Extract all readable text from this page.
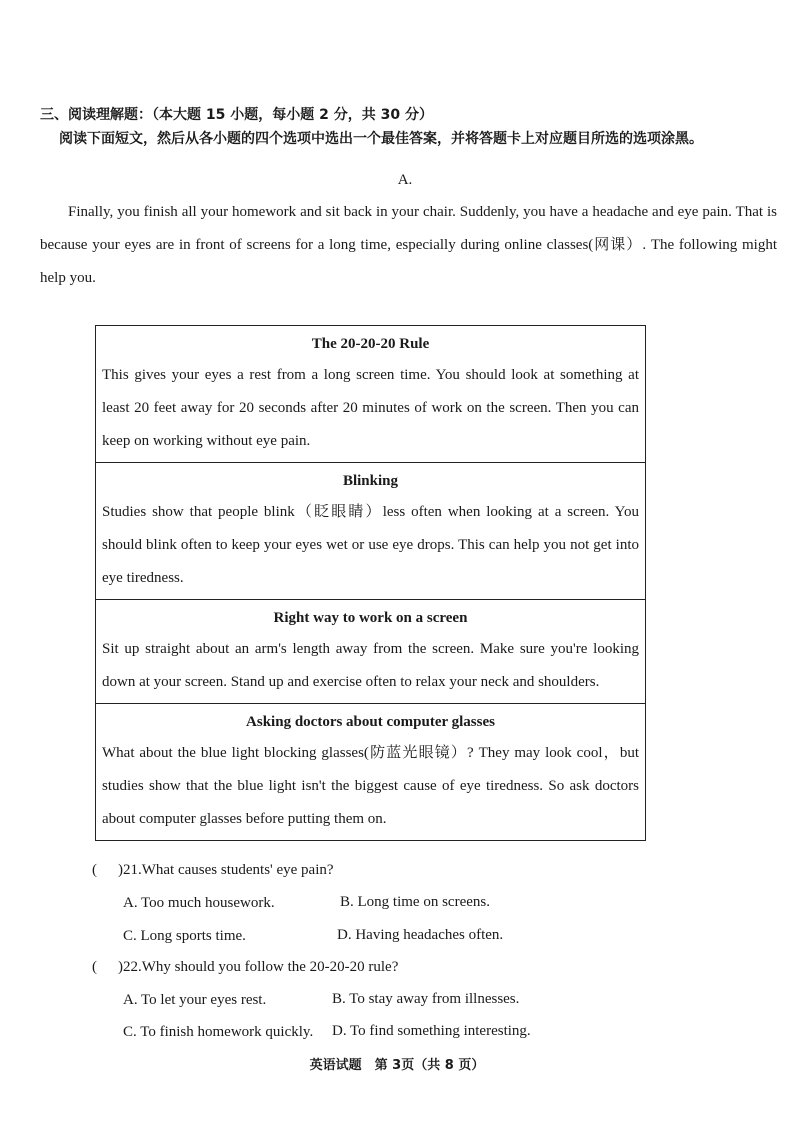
三、阅读理解题：（本大题 15 小题，每小题 2 分，共 30 分）
阅读下面短文，然后从各小题的四个选项中选出一个最佳答案，并将答题卡上对应题目所选的选项涂黑。
A.
Finally, you finish all your homework and sit back in your chair. Suddenly, you have a headache and eye pain. That is because your eyes are in front of screens for a long time, especially during online classes(网课）. The following might help you.
The 20-20-20 Rule
This gives your eyes a rest from a long screen time. You should look at something at least 20 feet away for 20 seconds after 20 minutes of work on the screen. Then you can keep on working without eye pain.
Blinking
Studies show that people blink（眨眼睛）less often when looking at a screen. You should blink often to keep your eyes wet or use eye drops. This can help you not get into eye tiredness.
Right way to work on a screen
Sit up straight about an arm's length away from the screen. Make sure you're looking down at your screen. Stand up and exercise often to relax your neck and shoulders.
Asking doctors about computer glasses
What about the blue light blocking glasses(防蓝光眼镜）? They may look cool，but studies show that the blue light isn't the biggest cause of eye tiredness. So ask doctors about computer glasses before putting them on.
( )21.What causes students' eye pain?
A. Too much housework.	B. Long time on screens.
C. Long sports time.	D. Having headaches often.
( )22.Why should you follow the 20-20-20 rule?
A. To let your eyes rest.	B. To stay away from illnesses.
C. To finish homework quickly. D. To find something interesting.
英语试题　第 3页（共 8 页）
